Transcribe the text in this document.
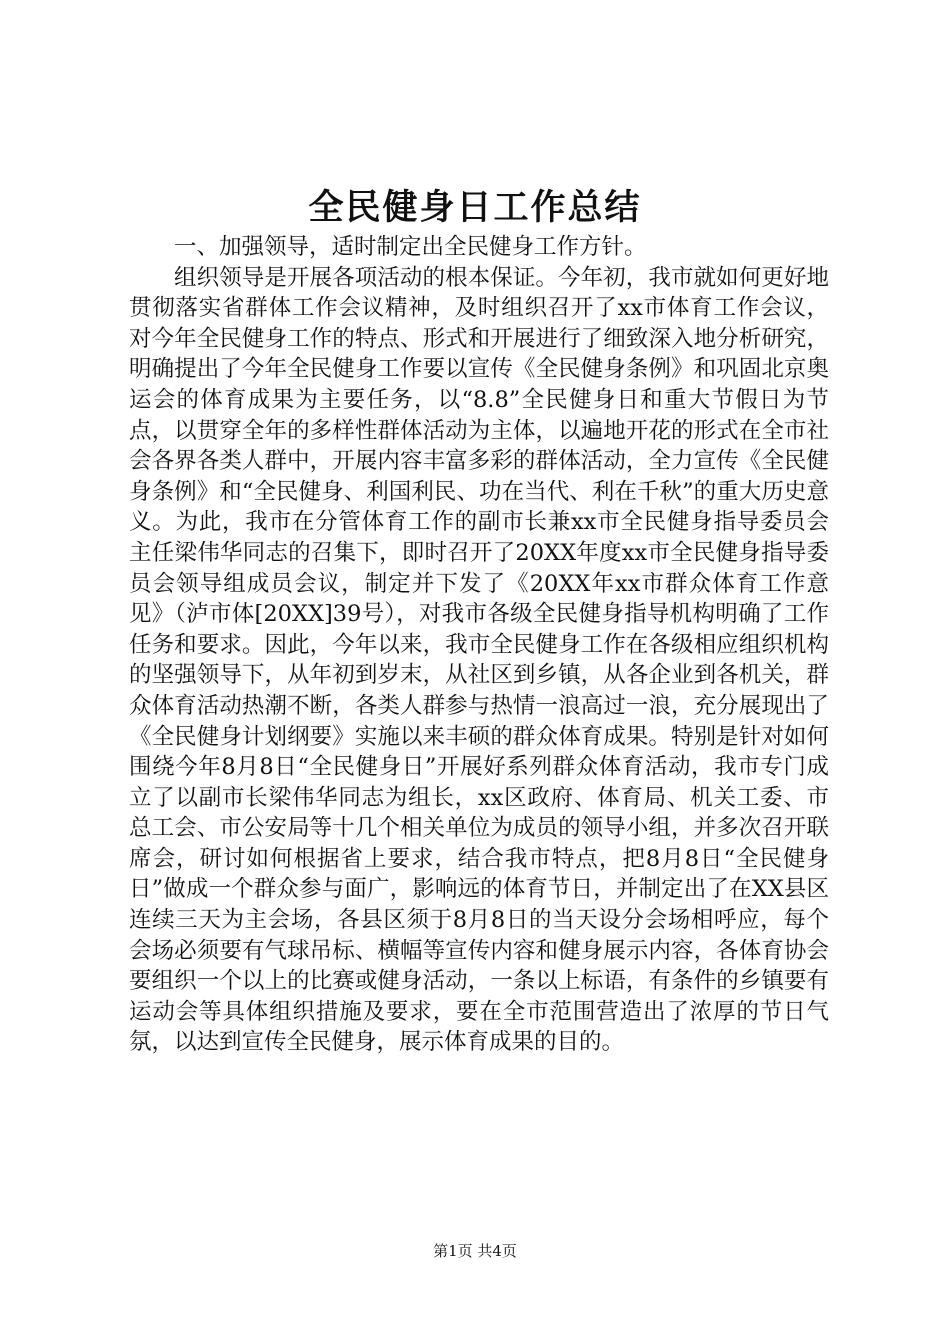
全民健身日工作总结

一、加强领导，适时制定出全民健身工作方针。

组织领导是开展各项活动的根本保证。今年初，我市就如何更好地贯彻落实省群体工作会议精神，及时组织召开了xx市体育工作会议，对今年全民健身工作的特点、形式和开展进行了细致深入地分析研究，明确提出了今年全民健身工作要以宣传《全民健身条例》和巩固北京奥运会的体育成果为主要任务，以“8.8”全民健身日和重大节假日为节点，以贯穿全年的多样性群体活动为主体，以遍地开花的形式在全市社会各界各类人群中，开展内容丰富多彩的群体活动，全力宣传《全民健身条例》和“全民健身、利国利民、功在当代、利在千秋”的重大历史意义。为此，我市在分管体育工作的副市长兼xx市全民健身指导委员会主任梁伟华同志的召集下，即时召开了20XX年度xx市全民健身指导委员会领导组成员会议，制定并下发了《20XX年xx市群众体育工作意见》（泸市体[20XX]39号），对我市各级全民健身指导机构明确了工作任务和要求。因此，今年以来，我市全民健身工作在各级相应组织机构的坚强领导下，从年初到岁末，从社区到乡镇，从各企业到各机关，群众体育活动热潮不断，各类人群参与热情一浪高过一浪，充分展现出了《全民健身计划纲要》实施以来丰硕的群众体育成果。特别是针对如何围绕今年8月8日“全民健身日”开展好系列群众体育活动，我市专门成立了以副市长梁伟华同志为组长，xx区政府、体育局、机关工委、市总工会、市公安局等十几个相关单位为成员的领导小组，并多次召开联席会，研讨如何根据省上要求，结合我市特点，把8月8日“全民健身日”做成一个群众参与面广，影响远的体育节日，并制定出了在XX县区连续三天为主会场，各县区须于8月8日的当天设分会场相呼应，每个会场必须要有气球吊标、横幅等宣传内容和健身展示内容，各体育协会要组织一个以上的比赛或健身活动，一条以上标语，有条件的乡镇要有运动会等具体组织措施及要求，要在全市范围营造出了浓厚的节日气氛，以达到宣传全民健身，展示体育成果的目的。

第1页 共4页
